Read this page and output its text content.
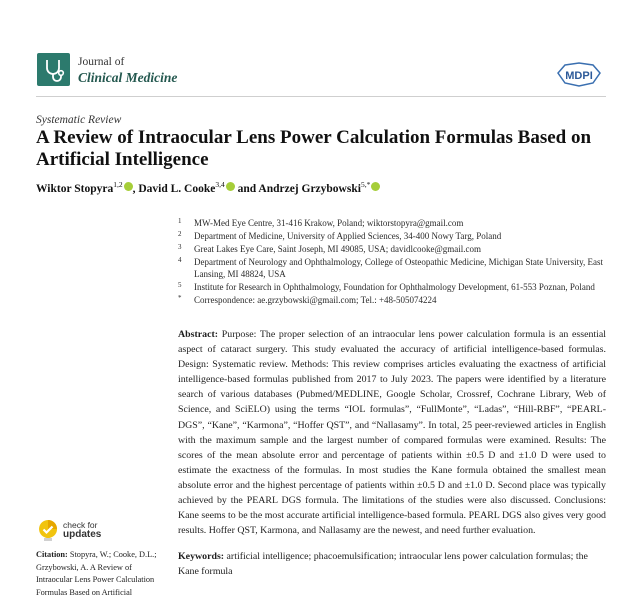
Journal of
Clinical Medicine	MDPI
Systematic Review
A Review of Intraocular Lens Power Calculation Formulas Based on Artificial Intelligence
Wiktor Stopyra$^{1,2}$ , David L. Cooke$^{3,4}$ and Andrzej Grzybowski$^{5,*}$
1 MW-Med Eye Centre, 31-416 Krakow, Poland; wiktorstopyra@gmail.com
2 Department of Medicine, University of Applied Sciences, 34-400 Nowy Targ, Poland
3 Great Lakes Eye Care, Saint Joseph, MI 49085, USA; davidlcooke@gmail.com
4 Department of Neurology and Ophthalmology, College of Osteopathic Medicine, Michigan State University, East Lansing, MI 48824, USA
5 Institute for Research in Ophthalmology, Foundation for Ophthalmology Development, 61-553 Poznan, Poland
* Correspondence: ae.grzybowski@gmail.com; Tel.: +48-505074224
Abstract: Purpose: The proper selection of an intraocular lens power calculation formula is an essential aspect of cataract surgery. This study evaluated the accuracy of artificial intelligence-based formulas. Design: Systematic review. Methods: This review comprises articles evaluating the exactness of artificial intelligence-based formulas published from 2017 to July 2023. The papers were identified by a literature search of various databases (Pubmed/MEDLINE, Google Scholar, Crossref, Cochrane Library, Web of Science, and SciELO) using the terms “IOL formulas”, “FullMonte”, “Ladas”, “Hill-RBF”, “PEARL-DGS”, “Kane”, “Karmona”, “Hoffer QST”, and “Nallasamy”. In total, 25 peer-reviewed articles in English with the maximum sample and the largest number of compared formulas were examined. Results: The scores of the mean absolute error and percentage of patients within ±0.5 D and ±1.0 D were used to estimate the exactness of the formulas. In most studies the Kane formula obtained the smallest mean absolute error and the highest percentage of patients within ±0.5 D and ±1.0 D. Second place was typically achieved by the PEARL DGS formula. The limitations of the studies were also discussed. Conclusions: Kane seems to be the most accurate artificial intelligence-based formula. PEARL DGS also gives very good results. Hoffer QST, Karmona, and Nallasamy are the newest, and need further evaluation.
Keywords: artificial intelligence; phacoemulsification; intraocular lens power calculation formulas; the Kane formula
check for
updates
Citation: Stopyra, W.; Cooke, D.L.; Grzybowski, A. A Review of Intraocular Lens Power Calculation Formulas Based on Artificial
